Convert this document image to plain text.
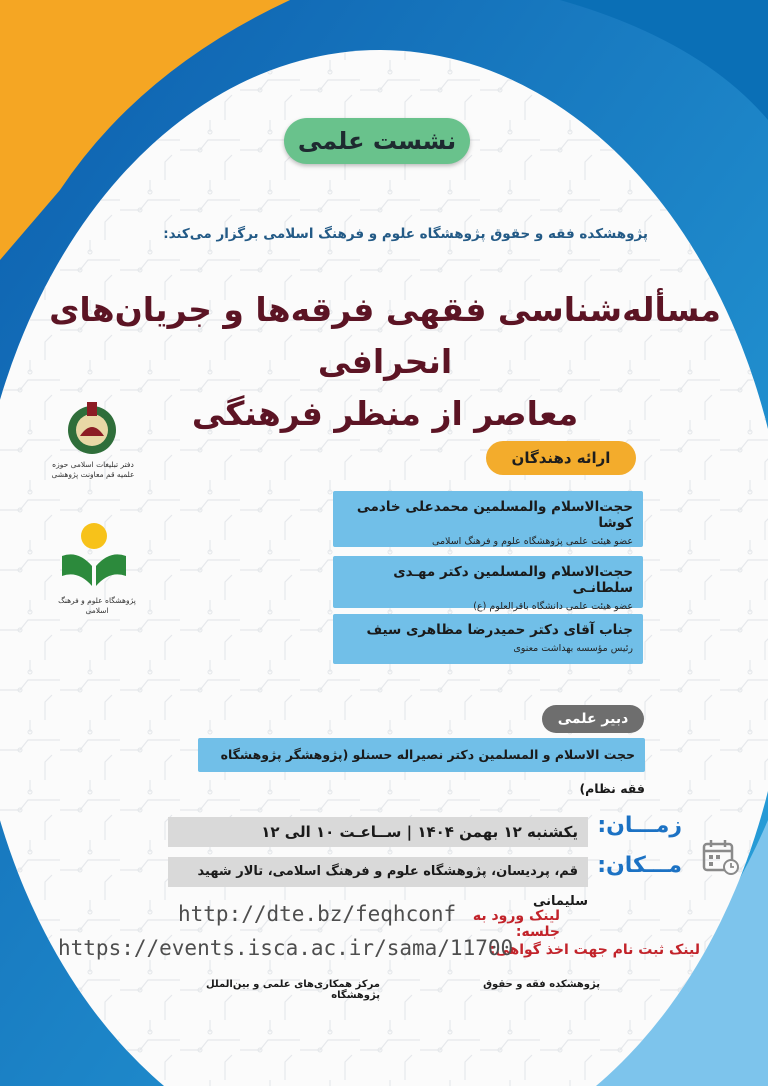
نشست علمی
پژوهشکده فقه و حقوق پژوهشگاه علوم و فرهنگ اسلامی برگزار می‌کند:
مسأله‌شناسی فقهی فرقه‌ها و جریان‌های انحرافی
معاصر از منظر فرهنگی
دفتر تبلیغات اسلامی حوزه علمیه قم معاونت پژوهشی
پژوهشگاه علوم و فرهنگ اسلامی
ارائه دهندگان
حجت‌الاسلام والمسلمین محمدعلی خادمی کوشا
عضو هیئت علمی پژوهشگاه علوم و فرهنگ اسلامی
حجت‌الاسلام والمسلمین دکتر مهـدی سلطانـی
عضو هیئت علمی دانشگاه باقرالعلوم (ع)
جناب آقای دکتر حمیدرضا مظاهری سیف
رئیس مؤسسه بهداشت معنوی
دبیر علمی
حجت الاسلام و المسلمین دکتر نصیراله حسنلو (پژوهشگر پژوهشگاه فقه نظام)
زمـــان:
یکشنبه ۱۲ بهمن ۱۴۰۴ | ســاعـت ۱۰ الی ۱۲
مـــکان:
قم، پردیسان، پژوهشگاه علوم و فرهنگ اسلامی، تالار شهید سلیمانی
لینک ورود به جلسه:
http://dte.bz/feqhconf
لینک ثبت نام جهت اخذ گواهی:
https://events.isca.ac.ir/sama/11700
پژوهشکده فقه و حقوق
مرکز همکاری‌های علمی و بین‌الملل پژوهشگاه
